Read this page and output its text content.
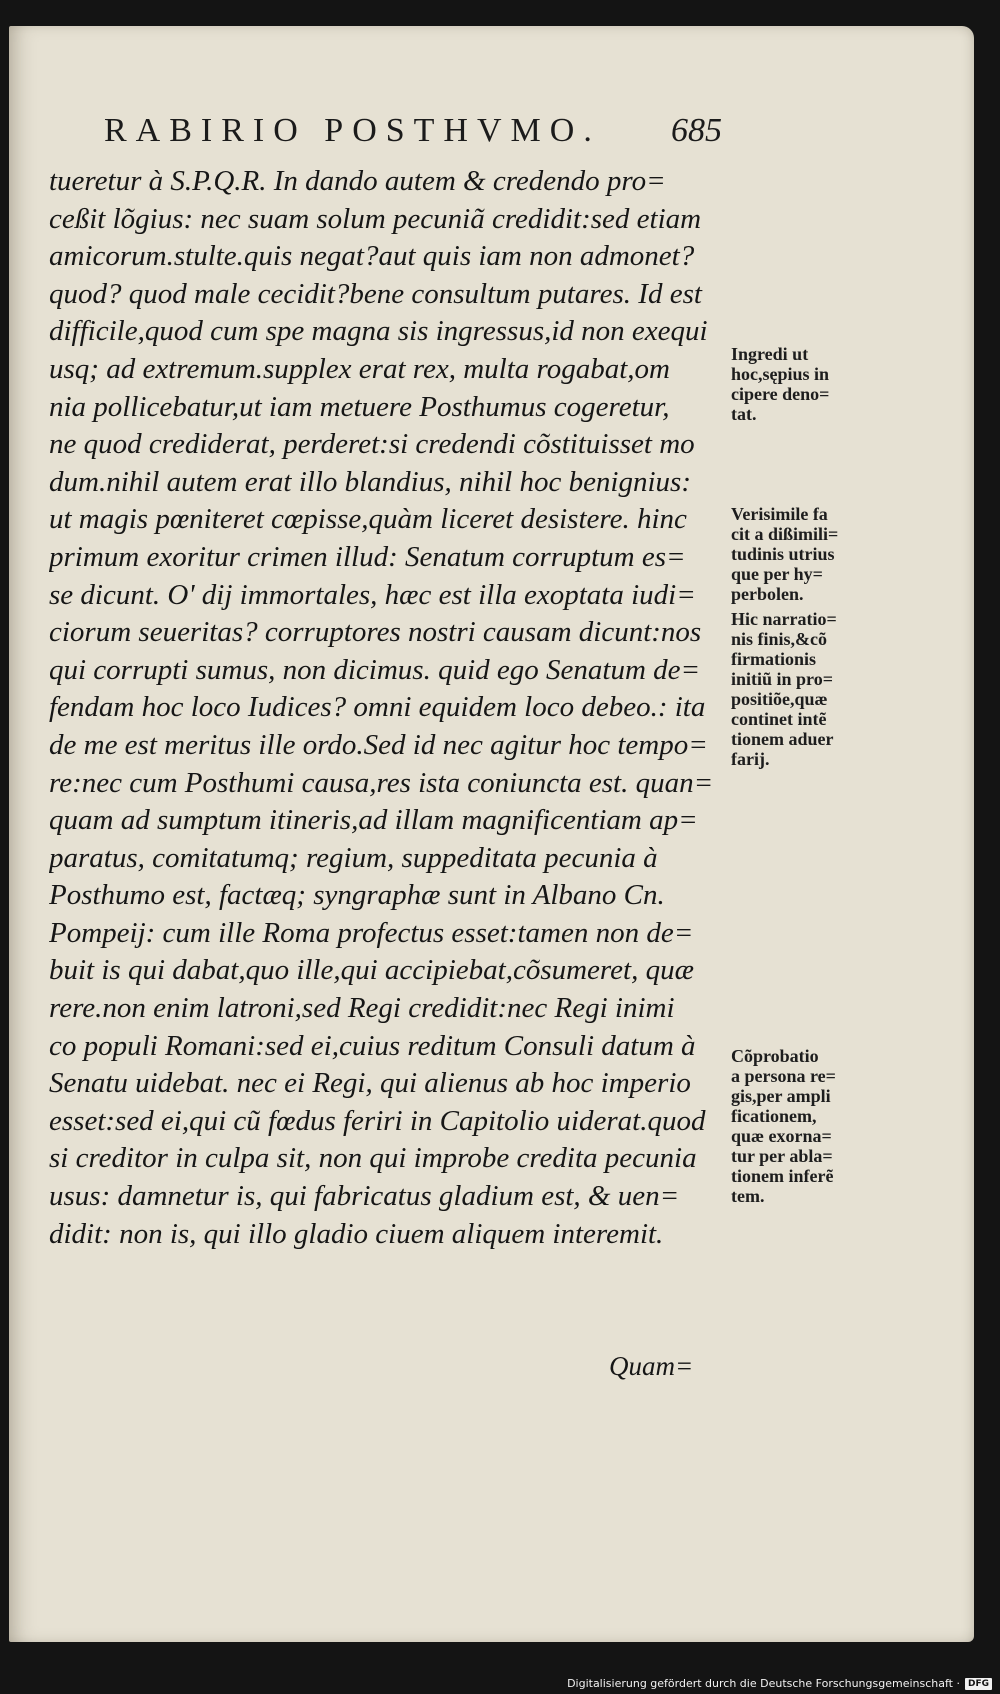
RABIRIO POSTHVMO.	685
tueretur à S.P.Q.R. In dando autem & credendo pro=
ceßit lõgius: nec suam solum pecuniã credidit:sed etiam
amicorum.stulte.quis negat?aut quis iam non admonet?
quod? quod male cecidit?bene consultum putares. Id est
difficile,quod cum spe magna sis ingressus,id non exequi
usq; ad extremum.supplex erat rex, multa rogabat,om
nia pollicebatur,ut iam metuere Posthumus cogeretur,
ne quod crediderat, perderet:si credendi cõstituisset mo
dum.nihil autem erat illo blandius, nihil hoc benignius:
ut magis pœniteret cœpisse,quàm liceret desistere. hinc
primum exoritur crimen illud: Senatum corruptum es=
se dicunt. O' dij immortales, hæc est illa exoptata iudi=
ciorum seueritas? corruptores nostri causam dicunt:nos
qui corrupti sumus, non dicimus. quid ego Senatum de=
fendam hoc loco Iudices? omni equidem loco debeo.: ita
de me est meritus ille ordo.Sed id nec agitur hoc tempo=
re:nec cum Posthumi causa,res ista coniuncta est. quan=
quam ad sumptum itineris,ad illam magnificentiam ap=
paratus, comitatumq; regium, suppeditata pecunia à
Posthumo est, factæq; syngraphæ sunt in Albano Cn.
Pompeij: cum ille Roma profectus esset:tamen non de=
buit is qui dabat,quo ille,qui accipiebat,cõsumeret, quæ
rere.non enim latroni,sed Regi credidit:nec Regi inimi
co populi Romani:sed ei,cuius reditum Consuli datum à
Senatu uidebat. nec ei Regi, qui alienus ab hoc imperio
esset:sed ei,qui cũ fœdus feriri in Capitolio uiderat.quod
si creditor in culpa sit, non qui improbe credita pecunia
usus: damnetur is, qui fabricatus gladium est, & uen=
didit: non is, qui illo gladio ciuem aliquem interemit.
Ingredi ut
hoc,sępius in
cipere deno=
tat.
Verisimile fa
cit a dißimili=
tudinis utrius
que per hy=
perbolen.
Hic narratio=
nis finis,&cõ
firmationis
initiũ in pro=
positiõe,quæ
continet intẽ
tionem aduer
farij.
Cõprobatio
a persona re=
gis,per ampli
ficationem,
quæ exorna=
tur per abla=
tionem inferẽ
tem.
Quam=
Digitalisierung gefördert durch die Deutsche Forschungsgemeinschaft · DFG
